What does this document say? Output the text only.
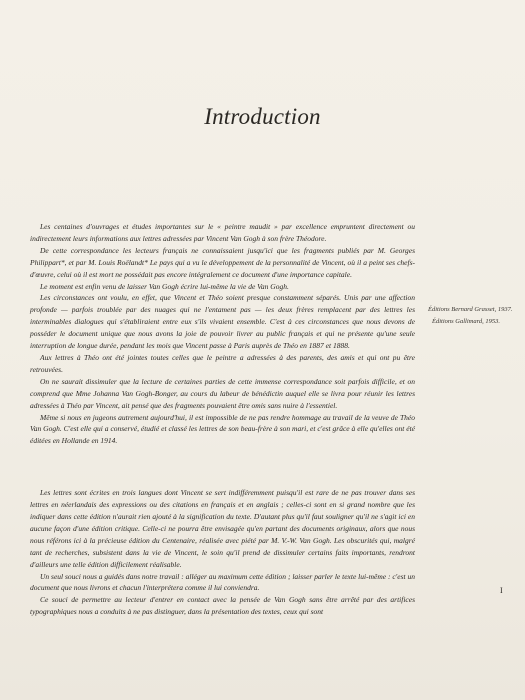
Introduction

Les centaines d'ouvrages et études importantes sur le « peintre maudit » par excellence empruntent directement ou indirectement leurs informations aux lettres adressées par Vincent Van Gogh à son frère Théodore.

De cette correspondance les lecteurs français ne connaissaient jusqu'ici que les fragments publiés par M. Georges Philippart*, et par M. Louis Roëlandt* Le pays qui a vu le développement de la personnalité de Vincent, où il a peint ses chefs-d'œuvre, celui où il est mort ne possédait pas encore intégralement ce document d'une importance capitale.

Le moment est enfin venu de laisser Van Gogh écrire lui-même la vie de Van Gogh.

Les circonstances ont voulu, en effet, que Vincent et Théo soient presque constamment séparés. Unis par une affection profonde — parfois troublée par des nuages qui ne l'entament pas — les deux frères remplacent par des lettres les interminables dialogues qui s'établiraient entre eux s'ils vivaient ensemble. C'est à ces circonstances que nous devons de posséder le document unique que nous avons la joie de pouvoir livrer au public français et qui ne présente qu'une seule interruption de longue durée, pendant les mois que Vincent passe à Paris auprès de Théo en 1887 et 1888.

Aux lettres à Théo ont été jointes toutes celles que le peintre a adressées à des parents, des amis et qui ont pu être retrouvées.

On ne saurait dissimuler que la lecture de certaines parties de cette immense correspondance soit parfois difficile, et on comprend que Mme Johanna Van Gogh-Bonger, au cours du labeur de bénédictin auquel elle se livra pour réunir les lettres adressées à Théo par Vincent, ait pensé que des fragments pouvaient être omis sans nuire à l'essentiel.

Même si nous en jugeons autrement aujourd'hui, il est impossible de ne pas rendre hommage au travail de la veuve de Théo Van Gogh. C'est elle qui a conservé, étudié et classé les lettres de son beau-frère à son mari, et c'est grâce à elle qu'elles ont été éditées en Hollande en 1914.

Les lettres sont écrites en trois langues dont Vincent se sert indifféremment puisqu'il est rare de ne pas trouver dans ses lettres en néerlandais des expressions ou des citations en français et en anglais ; celles-ci sont en si grand nombre que les indiquer dans cette édition n'aurait rien ajouté à la signification du texte. D'autant plus qu'il faut souligner qu'il ne s'agit ici en aucune façon d'une édition critique. Celle-ci ne pourra être envisagée qu'en partant des documents originaux, alors que nous nous référons ici à la précieuse édition du Centenaire, réalisée avec piété par M. V.-W. Van Gogh. Les obscurités qui, malgré tant de recherches, subsistent dans la vie de Vincent, le soin qu'il prend de dissimuler certains faits importants, rendront d'ailleurs une telle édition difficilement réalisable.

Un seul souci nous a guidés dans notre travail : alléger au maximum cette édition ; laisser parler le texte lui-même : c'est un document que nous livrons et chacun l'interprétera comme il lui conviendra.

Ce souci de permettre au lecteur d'entrer en contact avec la pensée de Van Gogh sans être arrêté par des artifices typographiques nous a conduits à ne pas distinguer, dans la présentation des textes, ceux qui sont

Éditions Bernard Grasset, 1937.
Éditions Gallimard, 1953.
I
